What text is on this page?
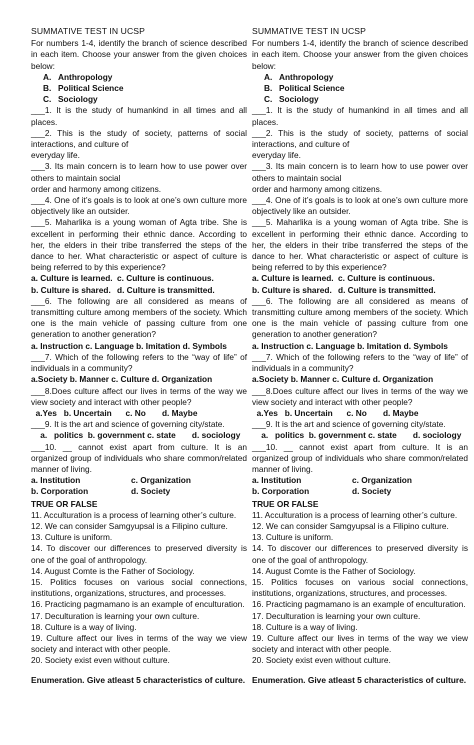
SUMMATIVE TEST IN UCSP
For numbers 1-4, identify the branch of science described in each item. Choose your answer from the given choices below:
A. Anthropology
B. Political Science
C. Sociology
___1. It is the study of humankind in all times and all places.
___2. This is the study of society, patterns of social interactions, and culture of
everyday life.
___3. Its main concern is to learn how to use power over others to maintain social
order and harmony among citizens.
___4. One of it’s goals is to look at one’s own culture more objectively like an outsider.
___5. Maharlika is a young woman of Agta tribe. She is excellent in performing their ethnic dance. According to her, the elders in their tribe transferred the steps of the dance to her. What characteristic or aspect of culture is being referred to by this experience?
a. Culture is learned. c. Culture is continuous.
b. Culture is shared. d. Culture is transmitted.
___6. The following are all considered as means of transmitting culture among members of the society. Which one is the main vehicle of passing culture from one generation to another generation?
a. Instruction c. Language b. Imitation d. Symbols
___7. Which of the following refers to the “way of life” of individuals in a community?
a.Society b. Manner c. Culture d. Organization
___8.Does culture affect our lives in terms of the way we view society and interact with other people?
a.Yes   b. Uncertain      c. No       d. Maybe
___9. It is the art and science of governing city/state.
a.   politics  b. government c. state       d. sociology
___10. __ cannot exist apart from culture. It is an organized group of individuals who share common/related manner of living.
a. Institution	c. Organization
b. Corporation	d. Society
TRUE OR FALSE
11. Acculturation is a process of learning other’s culture.
12. We can consider Samgyupsal is a Filipino culture.
13. Culture is uniform.
14. To discover our differences to preserved diversity is one of the goal of anthropology.
14. August Comte is the Father of Sociology.
15. Politics focuses on various social connections, institutions, organizations, structures, and processes.
16. Practicing pagmamano is an example of enculturation.
17. Deculturation is learning your own culture.
18. Culture is a way of living.
19. Culture affect our lives in terms of the way we view society and interact with other people.
20. Society exist even without culture.
Enumeration. Give atleast 5 characteristics of culture.
SUMMATIVE TEST IN UCSP
For numbers 1-4, identify the branch of science described in each item. Choose your answer from the given choices below:
A. Anthropology
B. Political Science
C. Sociology
___1. It is the study of humankind in all times and all places.
___2. This is the study of society, patterns of social interactions, and culture of
everyday life.
___3. Its main concern is to learn how to use power over others to maintain social
order and harmony among citizens.
___4. One of it’s goals is to look at one’s own culture more objectively like an outsider.
___5. Maharlika is a young woman of Agta tribe. She is excellent in performing their ethnic dance. According to her, the elders in their tribe transferred the steps of the dance to her. What characteristic or aspect of culture is being referred to by this experience?
a. Culture is learned. c. Culture is continuous.
b. Culture is shared. d. Culture is transmitted.
___6. The following are all considered as means of transmitting culture among members of the society. Which one is the main vehicle of passing culture from one generation to another generation?
a. Instruction c. Language b. Imitation d. Symbols
___7. Which of the following refers to the “way of life” of individuals in a community?
a.Society b. Manner c. Culture d. Organization
___8.Does culture affect our lives in terms of the way we view society and interact with other people?
a.Yes   b. Uncertain      c. No       d. Maybe
___9. It is the art and science of governing city/state.
a.   politics  b. government c. state       d. sociology
___10. __ cannot exist apart from culture. It is an organized group of individuals who share common/related manner of living.
a. Institution	c. Organization
b. Corporation	d. Society
TRUE OR FALSE
11. Acculturation is a process of learning other’s culture.
12. We can consider Samgyupsal is a Filipino culture.
13. Culture is uniform.
14. To discover our differences to preserved diversity is one of the goal of anthropology.
14. August Comte is the Father of Sociology.
15. Politics focuses on various social connections, institutions, organizations, structures, and processes.
16. Practicing pagmamano is an example of enculturation.
17. Deculturation is learning your own culture.
18. Culture is a way of living.
19. Culture affect our lives in terms of the way we view society and interact with other people.
20. Society exist even without culture.
Enumeration. Give atleast 5 characteristics of culture.
